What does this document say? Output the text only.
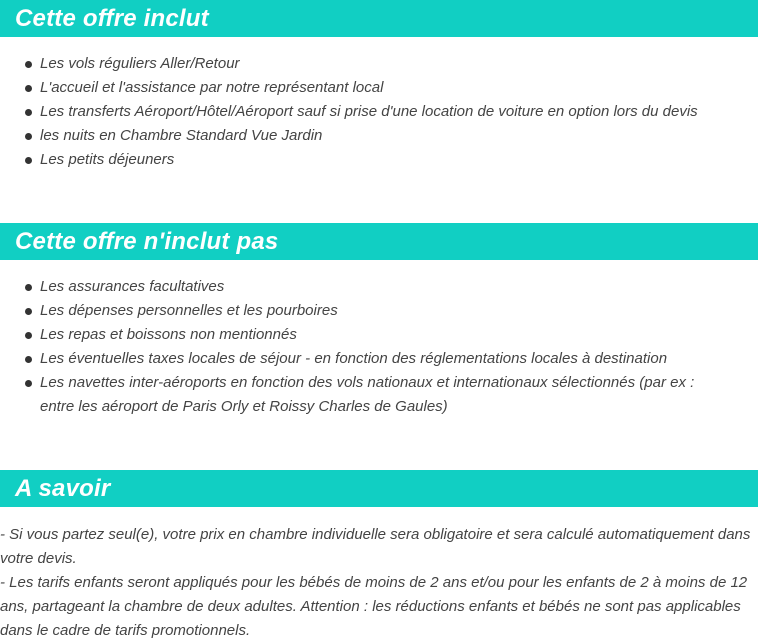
Cette offre inclut
Les vols réguliers Aller/Retour
L'accueil et l'assistance par notre représentant local
Les transferts Aéroport/Hôtel/Aéroport sauf si prise d'une location de voiture en option lors du devis
les nuits en Chambre Standard Vue Jardin
Les petits déjeuners
Cette offre n'inclut pas
Les assurances facultatives
Les dépenses personnelles et les pourboires
Les repas et boissons non mentionnés
Les éventuelles taxes locales de séjour - en fonction des réglementations locales à destination
Les navettes inter-aéroports en fonction des vols nationaux et internationaux sélectionnés (par ex : entre les aéroport de Paris Orly et Roissy Charles de Gaules)
A savoir

- Si vous partez seul(e), votre prix en chambre individuelle sera obligatoire et sera calculé automatiquement dans votre devis.

- Les tarifs enfants seront appliqués pour les bébés de moins de 2 ans et/ou pour les enfants de 2 à moins de 12 ans, partageant la chambre de deux adultes. Attention : les réductions enfants et bébés ne sont pas applicables dans le cadre de tarifs promotionnels.
